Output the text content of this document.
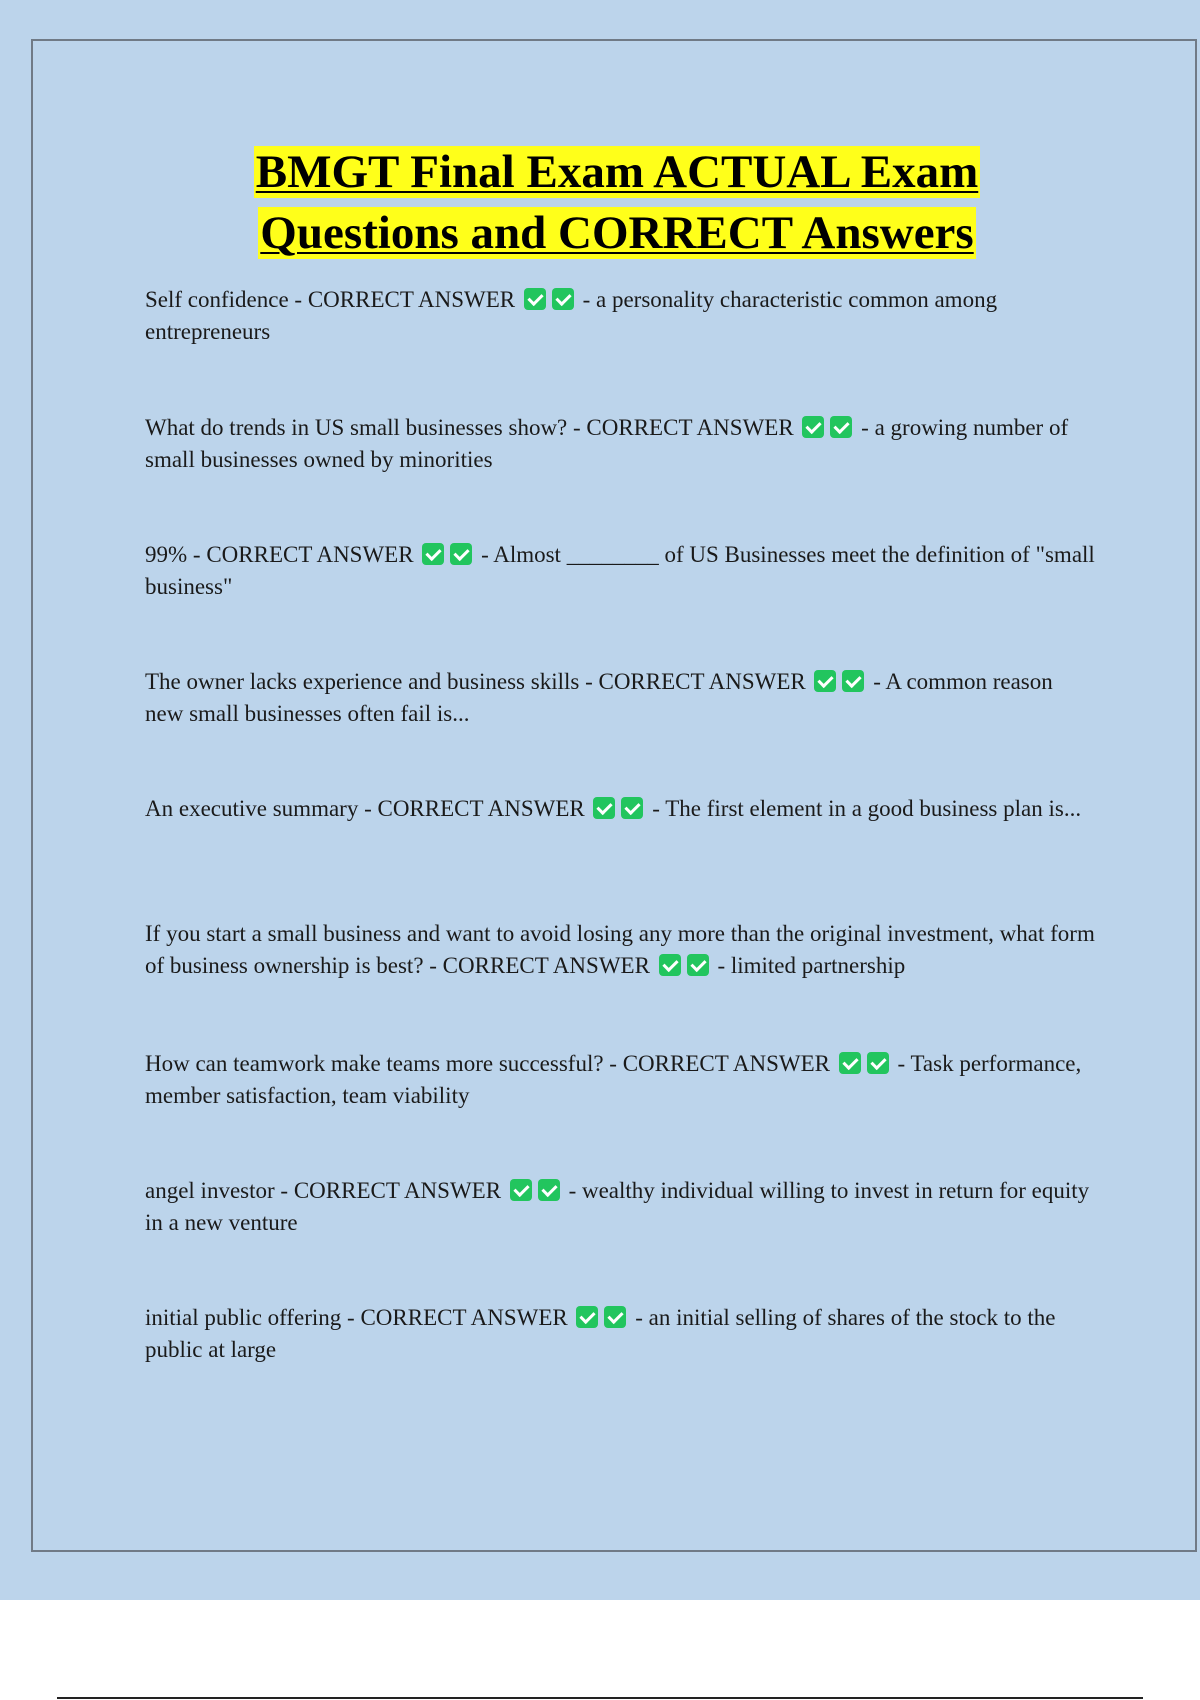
BMGT Final Exam ACTUAL Exam
Questions and CORRECT Answers
Self confidence - CORRECT ANSWER	- a personality characteristic common among entrepreneurs
What do trends in US small businesses show? - CORRECT ANSWER	- a growing number of small businesses owned by minorities
99% - CORRECT ANSWER	- Almost ________ of US Businesses meet the definition of "small business"
The owner lacks experience and business skills - CORRECT ANSWER	- A common reason new small businesses often fail is...
An executive summary - CORRECT ANSWER	- The first element in a good business plan is...
If you start a small business and want to avoid losing any more than the original investment, what form of business ownership is best? - CORRECT ANSWER	- limited partnership
How can teamwork make teams more successful? - CORRECT ANSWER	- Task performance, member satisfaction, team viability
angel investor - CORRECT ANSWER	- wealthy individual willing to invest in return for equity in a new venture
initial public offering - CORRECT ANSWER	- an initial selling of shares of the stock to the public at large
